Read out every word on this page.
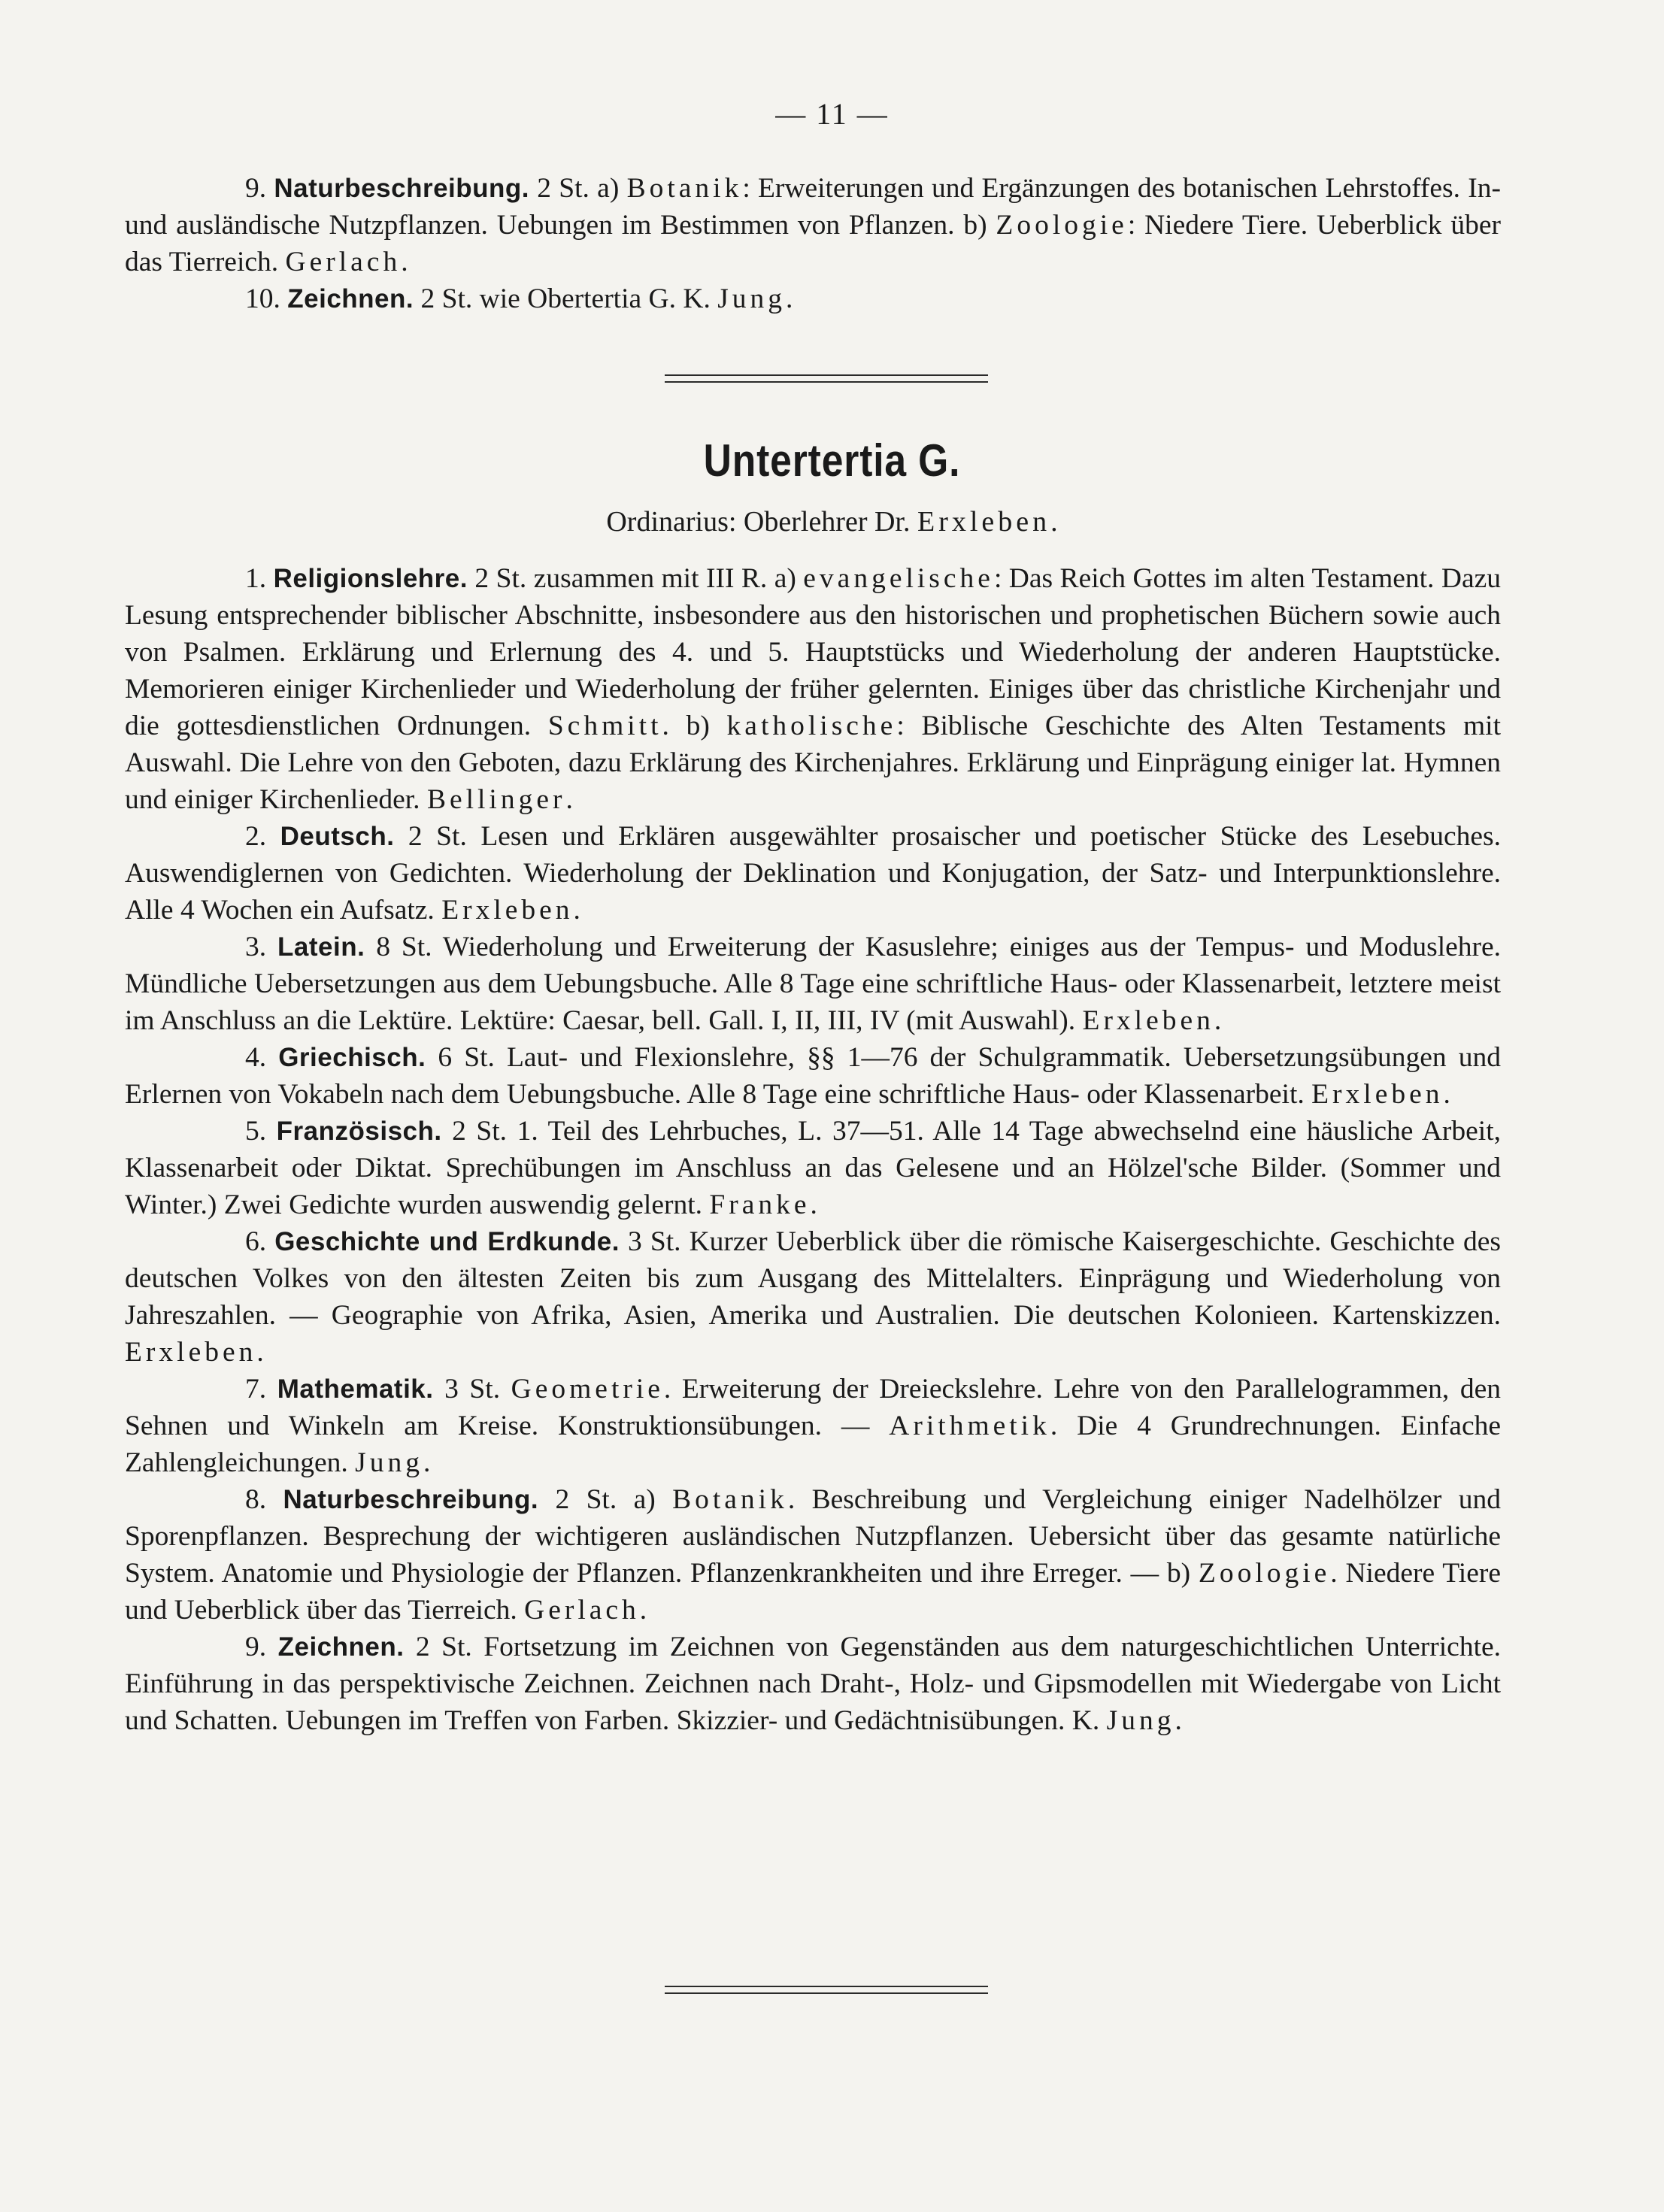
— 11 —

9. Naturbeschreibung. 2 St. a) Botanik: Erweiterungen und Ergänzungen des botanischen Lehrstoffes. In- und ausländische Nutzpflanzen. Uebungen im Bestimmen von Pflanzen. b) Zoologie: Niedere Tiere. Ueberblick über das Tierreich. Gerlach.

10. Zeichnen. 2 St. wie Obertertia G. K. Jung.

Untertertia G.
Ordinarius: Oberlehrer Dr. Erxleben.

1. Religionslehre. 2 St. zusammen mit III R. a) evangelische: Das Reich Gottes im alten Testament. Dazu Lesung entsprechender biblischer Abschnitte, insbesondere aus den historischen und prophetischen Büchern sowie auch von Psalmen. Erklärung und Erlernung des 4. und 5. Hauptstücks und Wiederholung der anderen Hauptstücke. Memorieren einiger Kirchenlieder und Wiederholung der früher gelernten. Einiges über das christliche Kirchenjahr und die gottesdienstlichen Ordnungen. Schmitt. b) katholische: Biblische Geschichte des Alten Testaments mit Auswahl. Die Lehre von den Geboten, dazu Erklärung des Kirchenjahres. Erklärung und Einprägung einiger lat. Hymnen und einiger Kirchenlieder. Bellinger.

2. Deutsch. 2 St. Lesen und Erklären ausgewählter prosaischer und poetischer Stücke des Lesebuches. Auswendiglernen von Gedichten. Wiederholung der Deklination und Konjugation, der Satz- und Interpunktionslehre. Alle 4 Wochen ein Aufsatz. Erxleben.

3. Latein. 8 St. Wiederholung und Erweiterung der Kasuslehre; einiges aus der Tempus- und Moduslehre. Mündliche Uebersetzungen aus dem Uebungsbuche. Alle 8 Tage eine schriftliche Haus- oder Klassenarbeit, letztere meist im Anschluss an die Lektüre. Lektüre: Caesar, bell. Gall. I, II, III, IV (mit Auswahl). Erxleben.

4. Griechisch. 6 St. Laut- und Flexionslehre, §§ 1—76 der Schulgrammatik. Uebersetzungsübungen und Erlernen von Vokabeln nach dem Uebungsbuche. Alle 8 Tage eine schriftliche Haus- oder Klassenarbeit. Erxleben.

5. Französisch. 2 St. 1. Teil des Lehrbuches, L. 37—51. Alle 14 Tage abwechselnd eine häusliche Arbeit, Klassenarbeit oder Diktat. Sprechübungen im Anschluss an das Gelesene und an Hölzel'sche Bilder. (Sommer und Winter.) Zwei Gedichte wurden auswendig gelernt. Franke.

6. Geschichte und Erdkunde. 3 St. Kurzer Ueberblick über die römische Kaisergeschichte. Geschichte des deutschen Volkes von den ältesten Zeiten bis zum Ausgang des Mittelalters. Einprägung und Wiederholung von Jahreszahlen. — Geographie von Afrika, Asien, Amerika und Australien. Die deutschen Kolonieen. Kartenskizzen. Erxleben.

7. Mathematik. 3 St. Geometrie. Erweiterung der Dreieckslehre. Lehre von den Parallelogrammen, den Sehnen und Winkeln am Kreise. Konstruktionsübungen. — Arithmetik. Die 4 Grundrechnungen. Einfache Zahlengleichungen. Jung.

8. Naturbeschreibung. 2 St. a) Botanik. Beschreibung und Vergleichung einiger Nadelhölzer und Sporenpflanzen. Besprechung der wichtigeren ausländischen Nutzpflanzen. Uebersicht über das gesamte natürliche System. Anatomie und Physiologie der Pflanzen. Pflanzenkrankheiten und ihre Erreger. — b) Zoologie. Niedere Tiere und Ueberblick über das Tierreich. Gerlach.

9. Zeichnen. 2 St. Fortsetzung im Zeichnen von Gegenständen aus dem naturgeschichtlichen Unterrichte. Einführung in das perspektivische Zeichnen. Zeichnen nach Draht-, Holz- und Gipsmodellen mit Wiedergabe von Licht und Schatten. Uebungen im Treffen von Farben. Skizzier- und Gedächtnisübungen. K. Jung.
